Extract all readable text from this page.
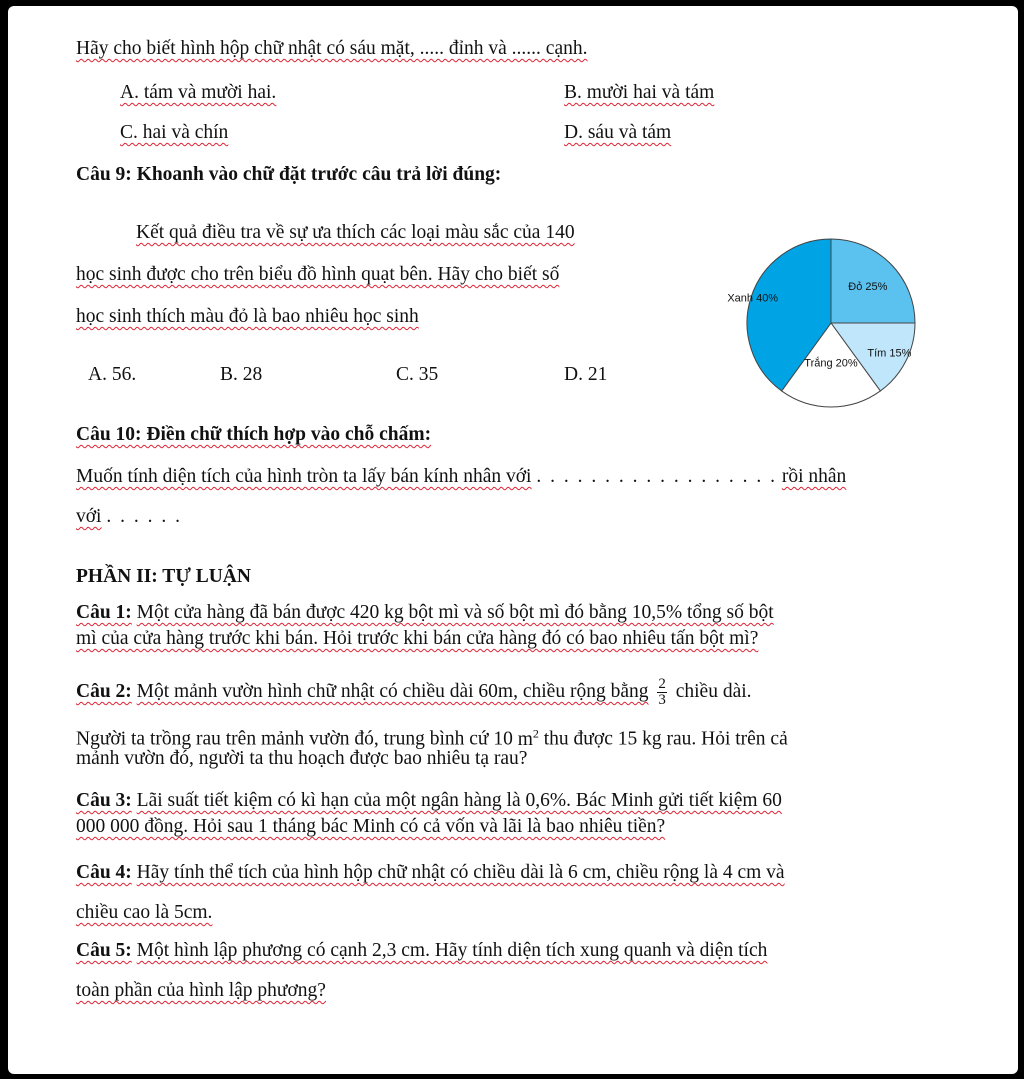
Hãy cho biết hình hộp chữ nhật có sáu mặt, ..... đỉnh và ...... cạnh.
A. tám và mười hai.	B. mười hai và tám
C. hai và chín	D. sáu và tám
Câu 9: Khoanh vào chữ đặt trước câu trả lời đúng:
Kết quả điều tra về sự ưa thích các loại màu sắc của 140
học sinh được cho trên biểu đồ hình quạt bên. Hãy cho biết số
học sinh thích màu đỏ là bao nhiêu học sinh
A. 56.	B. 28	C. 35	D. 21
Đỏ 25%
Tím 15%
Trắng 20%
Xanh 40%
Câu 10: Điền chữ thích hợp vào chỗ chấm:
Muốn tính diện tích của hình tròn ta lấy bán kính nhân với . . . . . . . . . . . . . . . . . . rồi nhân
với . . . . . .
PHẦN II: TỰ LUẬN
Câu 1: Một cửa hàng đã bán được 420 kg bột mì và số bột mì đó bằng 10,5% tổng số bột
mì của cửa hàng trước khi bán. Hỏi trước khi bán cửa hàng đó có bao nhiêu tấn bột mì?
Câu 2: Một mảnh vườn hình chữ nhật có chiều dài 60m, chiều rộng bằng $\frac{2}{3}$ chiều dài.
Người ta trồng rau trên mảnh vườn đó, trung bình cứ 10 $m^2$ thu được 15 kg rau. Hỏi trên cả
mảnh vườn đó, người ta thu hoạch được bao nhiêu tạ rau?
Câu 3: Lãi suất tiết kiệm có kì hạn của một ngân hàng là 0,6%. Bác Minh gửi tiết kiệm 60
000 000 đồng. Hỏi sau 1 tháng bác Minh có cả vốn và lãi là bao nhiêu tiền?
Câu 4: Hãy tính thể tích của hình hộp chữ nhật có chiều dài là 6 cm, chiều rộng là 4 cm và
chiều cao là 5cm.
Câu 5: Một hình lập phương có cạnh 2,3 cm. Hãy tính diện tích xung quanh và diện tích
toàn phần của hình lập phương?
